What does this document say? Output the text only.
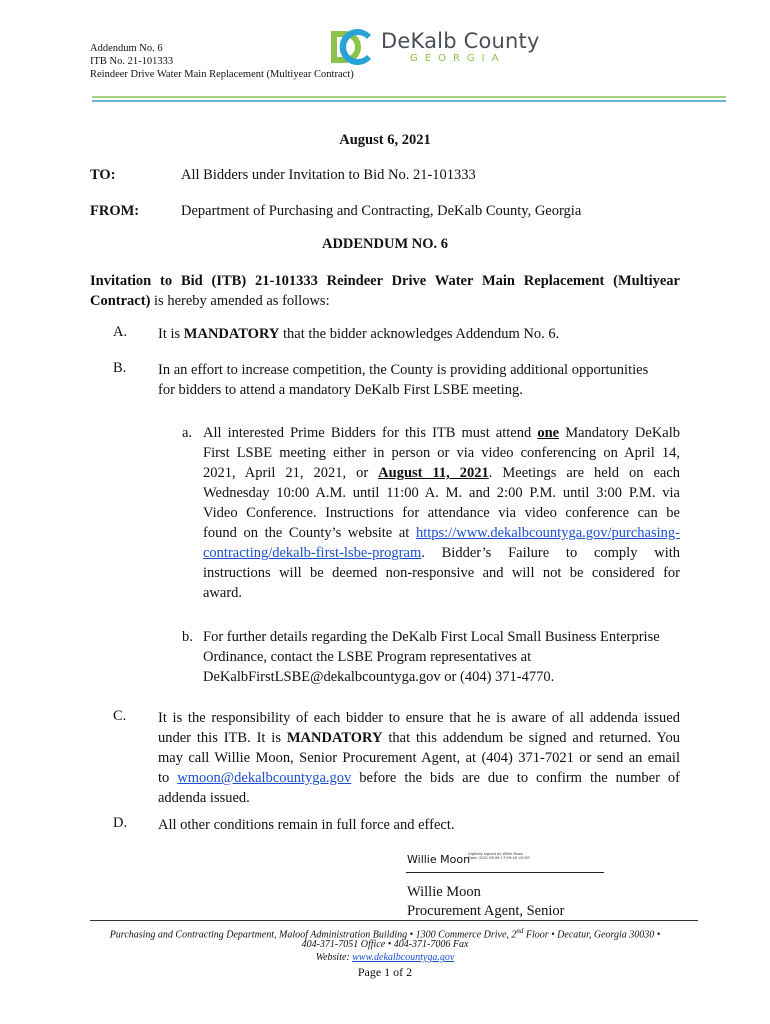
Addendum No. 6
ITB No. 21-101333
Reindeer Drive Water Main Replacement (Multiyear Contract)
DeKalb County
GEORGIA
August 6, 2021
TO:	All Bidders under Invitation to Bid No. 21-101333
FROM:	Department of Purchasing and Contracting, DeKalb County, Georgia
ADDENDUM NO. 6
Invitation to Bid (ITB) 21-101333 Reindeer Drive Water Main Replacement (Multiyear
Contract) is hereby amended as follows:
A. It is MANDATORY that the bidder acknowledges Addendum No. 6.
B. In an effort to increase competition, the County is providing additional opportunities
for bidders to attend a mandatory DeKalb First LSBE meeting.
a. All interested Prime Bidders for this ITB must attend one Mandatory DeKalb
First LSBE meeting either in person or via video conferencing on April 14,
2021, April 21, 2021, or August 11, 2021. Meetings are held on each
Wednesday 10:00 A.M. until 11:00 A. M. and 2:00 P.M. until 3:00 P.M. via
Video Conference. Instructions for attendance via video conference can be
found on the County’s website at https://www.dekalbcountyga.gov/purchasing-
contracting/dekalb-first-lsbe-program. Bidder’s Failure to comply with
instructions will be deemed non-responsive and will not be considered for
award.
b. For further details regarding the DeKalb First Local Small Business Enterprise
Ordinance, contact the LSBE Program representatives at
DeKalbFirstLSBE@dekalbcountyga.gov or (404) 371-4770.
C. It is the responsibility of each bidder to ensure that he is aware of all addenda issued
under this ITB. It is MANDATORY that this addendum be signed and returned. You
may call Willie Moon, Senior Procurement Agent, at (404) 371-7021 or send an email
to wmoon@dekalbcountyga.gov before the bids are due to confirm the number of
addenda issued.
D. All other conditions remain in full force and effect.
Willie Moon
Digitally signed by Willie Moon
Date: 2021.08.06 17:09:18 -04'00'
Willie Moon
Procurement Agent, Senior
Purchasing and Contracting Department, Maloof Administration Building • 1300 Commerce Drive, 2nd Floor • Decatur, Georgia 30030 •
404-371-7051 Office • 404-371-7006 Fax
Website: www.dekalbcountyga.gov
Page 1 of 2
